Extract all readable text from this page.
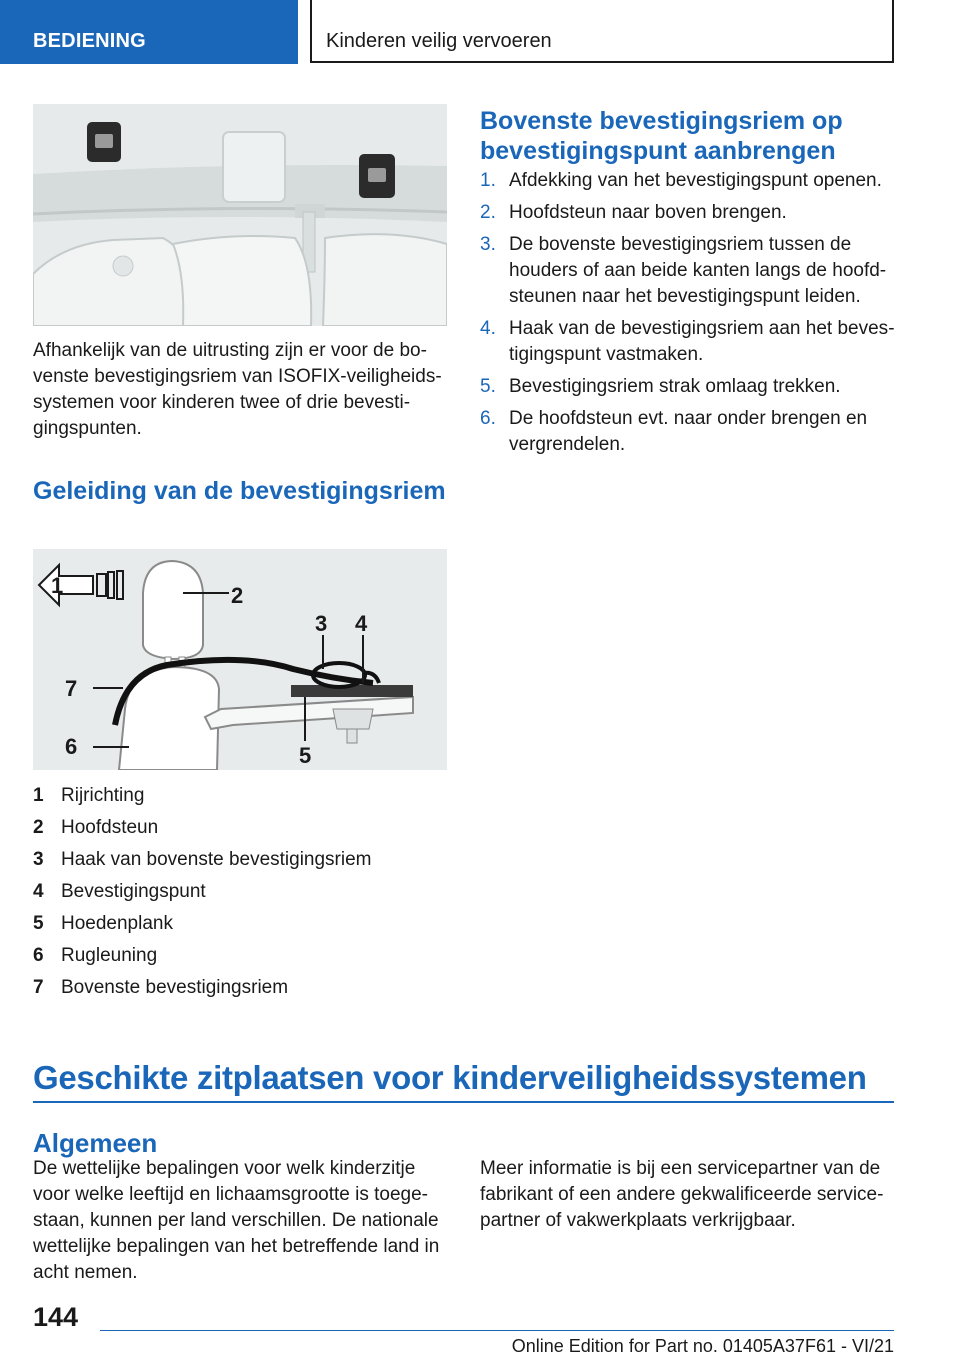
BEDIENING	Kinderen veilig vervoeren

Afhankelijk van de uitrusting zijn er voor de bovenste bevestigingsriem van ISOFIX-veiligheidssystemen voor kinderen twee of drie bevestigingspunten.

Geleiding van de bevestigingsriem
1	2
3 4
5
6
7
1 Rijrichting
2 Hoofdsteun
3 Haak van bovenste bevestigingsriem
4 Bevestigingspunt
5 Hoedenplank
6 Rugleuning
7 Bovenste bevestigingsriem
Bovenste bevestigingsriem op bevestigingspunt aanbrengen
1. Afdekking van het bevestigingspunt openen.
2. Hoofdsteun naar boven brengen.
3. De bovenste bevestigingsriem tussen de houders of aan beide kanten langs de hoofdsteunen naar het bevestigingspunt leiden.
4. Haak van de bevestigingsriem aan het bevestigingspunt vastmaken.
5. Bevestigingsriem strak omlaag trekken.
6. De hoofdsteun evt. naar onder brengen en vergrendelen.
Geschikte zitplaatsen voor kinderveiligheidssystemen
Algemeen

De wettelijke bepalingen voor welk kinderzitje voor welke leeftijd en lichaamsgrootte is toegestaan, kunnen per land verschillen. De nationale wettelijke bepalingen van het betreffende land in acht nemen.

Meer informatie is bij een servicepartner van de fabrikant of een andere gekwalificeerde servicepartner of vakwerkplaats verkrijgbaar.

144
Online Edition for Part no. 01405A37F61 - VI/21
